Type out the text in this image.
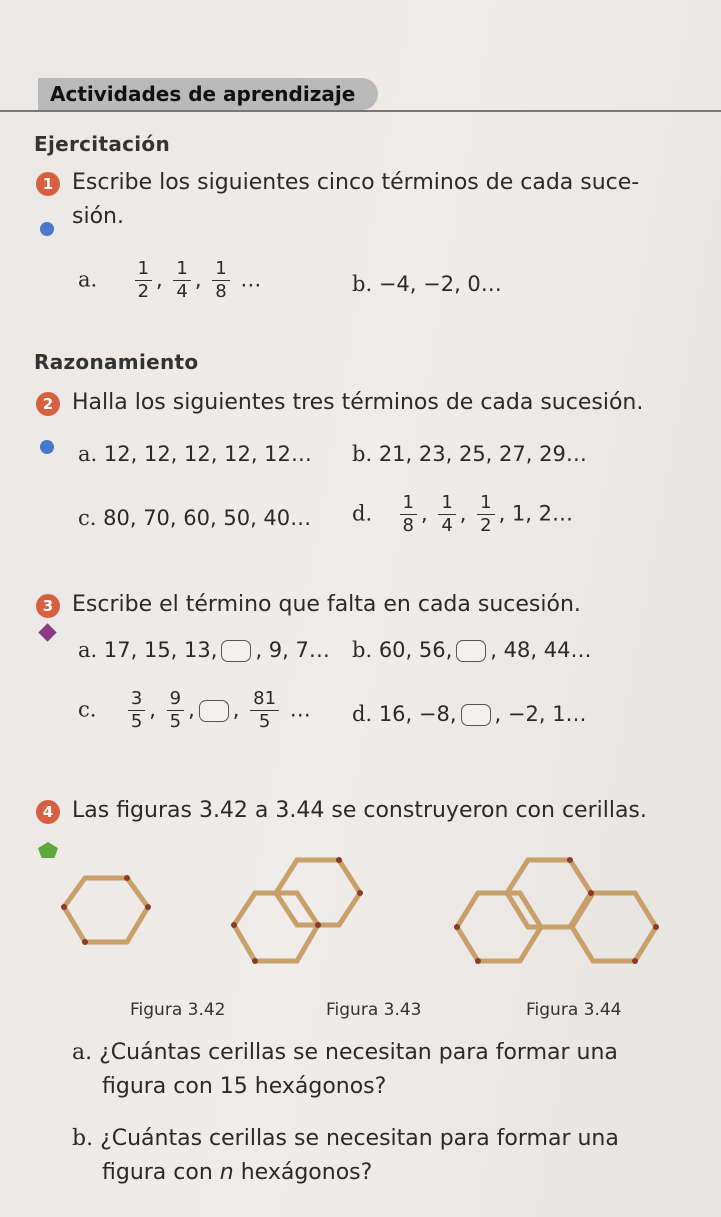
Actividades de aprendizaje
Ejercitación
1 Escribe los siguientes cinco términos de cada suce-
sión.
a. $\frac{1}{2}$ , $\frac{1}{4}$ , $\frac{1}{8}$ …	b. −4, −2, 0…
Razonamiento
2 Halla los siguientes tres términos de cada sucesión.
a. 12, 12, 12, 12, 12… b. 21, 23, 25, 27, 29…
c. 80, 70, 60, 50, 40… d. $\frac{1}{8}$ , $\frac{1}{4}$ , $\frac{1}{2}$ , 1, 2…
3 Escribe el término que falta en cada sucesión.
a. 17, 15, 13, , 9, 7… b. 60, 56, , 48, 44…
c. $\frac{3}{5}$ , $\frac{9}{5}$ , , $\frac{81}{5}$ … d. 16, −8, , −2, 1…
4 Las figuras 3.42 a 3.44 se construyeron con cerillas.
Figura 3.42	Figura 3.43	Figura 3.44
a. ¿Cuántas cerillas se necesitan para formar una
figura con 15 hexágonos?
b. ¿Cuántas cerillas se necesitan para formar una
figura con n hexágonos?
